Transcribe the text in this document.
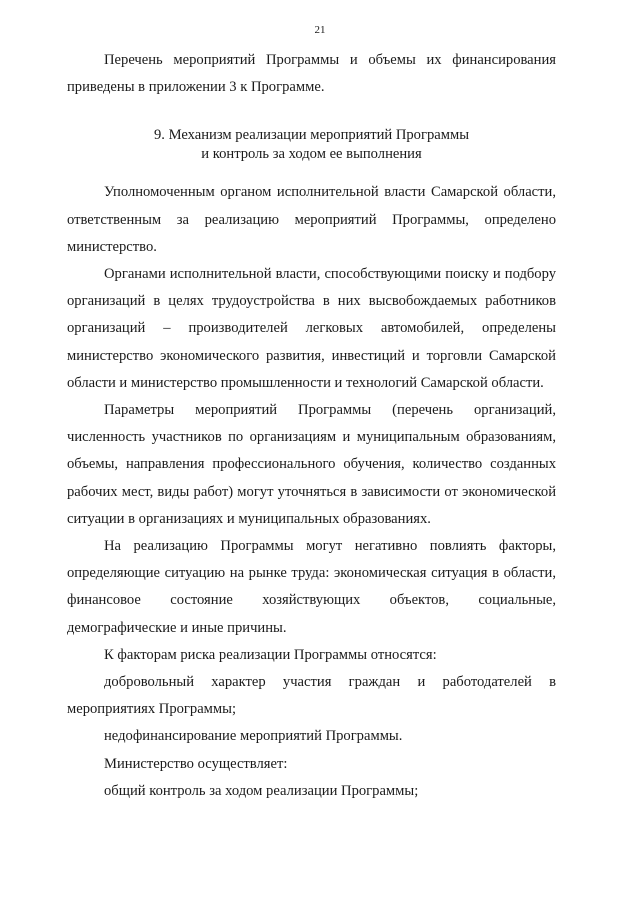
21

Перечень мероприятий Программы и объемы их финансирования приведены в приложении 3 к Программе.

9. Механизм реализации мероприятий Программы
и контроль за ходом ее выполнения

Уполномоченным органом исполнительной власти Самарской области, ответственным за реализацию мероприятий Программы, определено министерство.

Органами исполнительной власти, способствующими поиску и подбору организаций в целях трудоустройства в них высвобождаемых работников организаций – производителей легковых автомобилей, определены министерство экономического развития, инвестиций и торговли Самарской области и министерство промышленности и технологий Самарской области.

Параметры мероприятий Программы (перечень организаций, численность участников по организациям и муниципальным образованиям, объемы, направления профессионального обучения, количество созданных рабочих мест, виды работ) могут уточняться в зависимости от экономической ситуации в организациях и муниципальных образованиях.

На реализацию Программы могут негативно повлиять факторы, определяющие ситуацию на рынке труда: экономическая ситуация в области, финансовое состояние хозяйствующих объектов, социальные, демографические и иные причины.

К факторам риска реализации Программы относятся:

добровольный характер участия граждан и работодателей в мероприятиях Программы;

недофинансирование мероприятий Программы.

Министерство осуществляет:

общий контроль за ходом реализации Программы;
